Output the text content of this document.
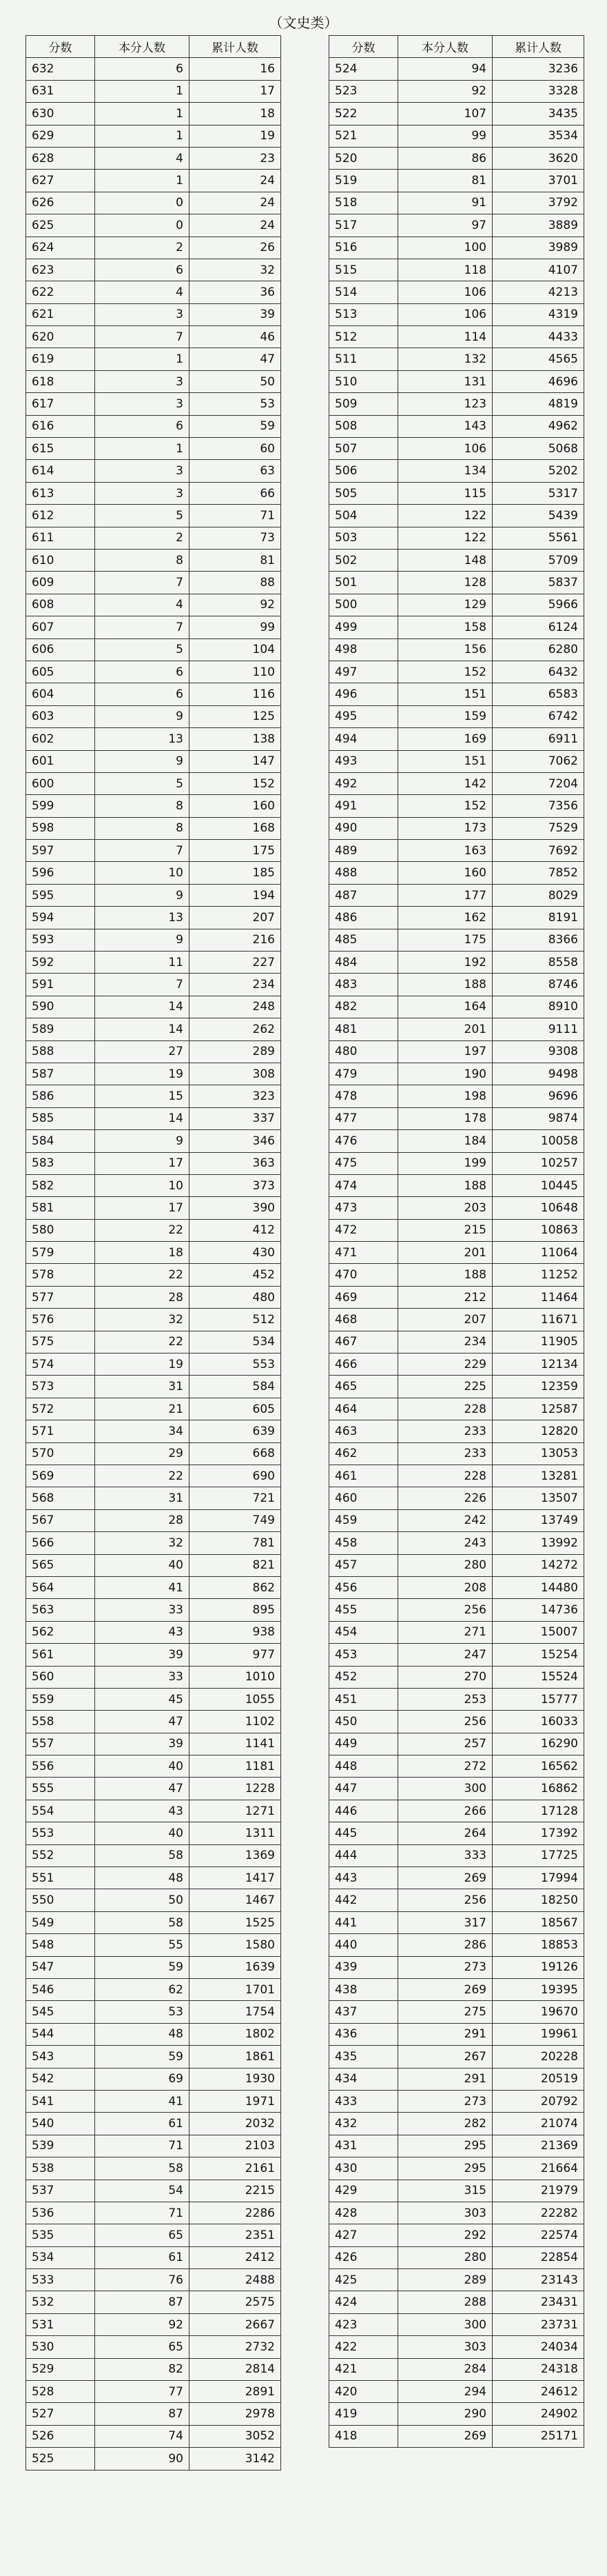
（文史类）
分数	本分人数	累计人数
632	6	16
631	1	17
630	1	18
629	1	19
628	4	23
627	1	24
626	0	24
625	0	24
624	2	26
623	6	32
622	4	36
621	3	39
620	7	46
619	1	47
618	3	50
617	3	53
616	6	59
615	1	60
614	3	63
613	3	66
612	5	71
611	2	73
610	8	81
609	7	88
608	4	92
607	7	99
606	5	104
605	6	110
604	6	116
603	9	125
602	13	138
601	9	147
600	5	152
599	8	160
598	8	168
597	7	175
596	10	185
595	9	194
594	13	207
593	9	216
592	11	227
591	7	234
590	14	248
589	14	262
588	27	289
587	19	308
586	15	323
585	14	337
584	9	346
583	17	363
582	10	373
581	17	390
580	22	412
579	18	430
578	22	452
577	28	480
576	32	512
575	22	534
574	19	553
573	31	584
572	21	605
571	34	639
570	29	668
569	22	690
568	31	721
567	28	749
566	32	781
565	40	821
564	41	862
563	33	895
562	43	938
561	39	977
560	33	1010
559	45	1055
558	47	1102
557	39	1141
556	40	1181
555	47	1228
554	43	1271
553	40	1311
552	58	1369
551	48	1417
550	50	1467
549	58	1525
548	55	1580
547	59	1639
546	62	1701
545	53	1754
544	48	1802
543	59	1861
542	69	1930
541	41	1971
540	61	2032
539	71	2103
538	58	2161
537	54	2215
536	71	2286
535	65	2351
534	61	2412
533	76	2488
532	87	2575
531	92	2667
530	65	2732
529	82	2814
528	77	2891
527	87	2978
526	74	3052
525	90	3142
分数	本分人数	累计人数
524	94	3236
523	92	3328
522	107	3435
521	99	3534
520	86	3620
519	81	3701
518	91	3792
517	97	3889
516	100	3989
515	118	4107
514	106	4213
513	106	4319
512	114	4433
511	132	4565
510	131	4696
509	123	4819
508	143	4962
507	106	5068
506	134	5202
505	115	5317
504	122	5439
503	122	5561
502	148	5709
501	128	5837
500	129	5966
499	158	6124
498	156	6280
497	152	6432
496	151	6583
495	159	6742
494	169	6911
493	151	7062
492	142	7204
491	152	7356
490	173	7529
489	163	7692
488	160	7852
487	177	8029
486	162	8191
485	175	8366
484	192	8558
483	188	8746
482	164	8910
481	201	9111
480	197	9308
479	190	9498
478	198	9696
477	178	9874
476	184	10058
475	199	10257
474	188	10445
473	203	10648
472	215	10863
471	201	11064
470	188	11252
469	212	11464
468	207	11671
467	234	11905
466	229	12134
465	225	12359
464	228	12587
463	233	12820
462	233	13053
461	228	13281
460	226	13507
459	242	13749
458	243	13992
457	280	14272
456	208	14480
455	256	14736
454	271	15007
453	247	15254
452	270	15524
451	253	15777
450	256	16033
449	257	16290
448	272	16562
447	300	16862
446	266	17128
445	264	17392
444	333	17725
443	269	17994
442	256	18250
441	317	18567
440	286	18853
439	273	19126
438	269	19395
437	275	19670
436	291	19961
435	267	20228
434	291	20519
433	273	20792
432	282	21074
431	295	21369
430	295	21664
429	315	21979
428	303	22282
427	292	22574
426	280	22854
425	289	23143
424	288	23431
423	300	23731
422	303	24034
421	284	24318
420	294	24612
419	290	24902
418	269	25171
